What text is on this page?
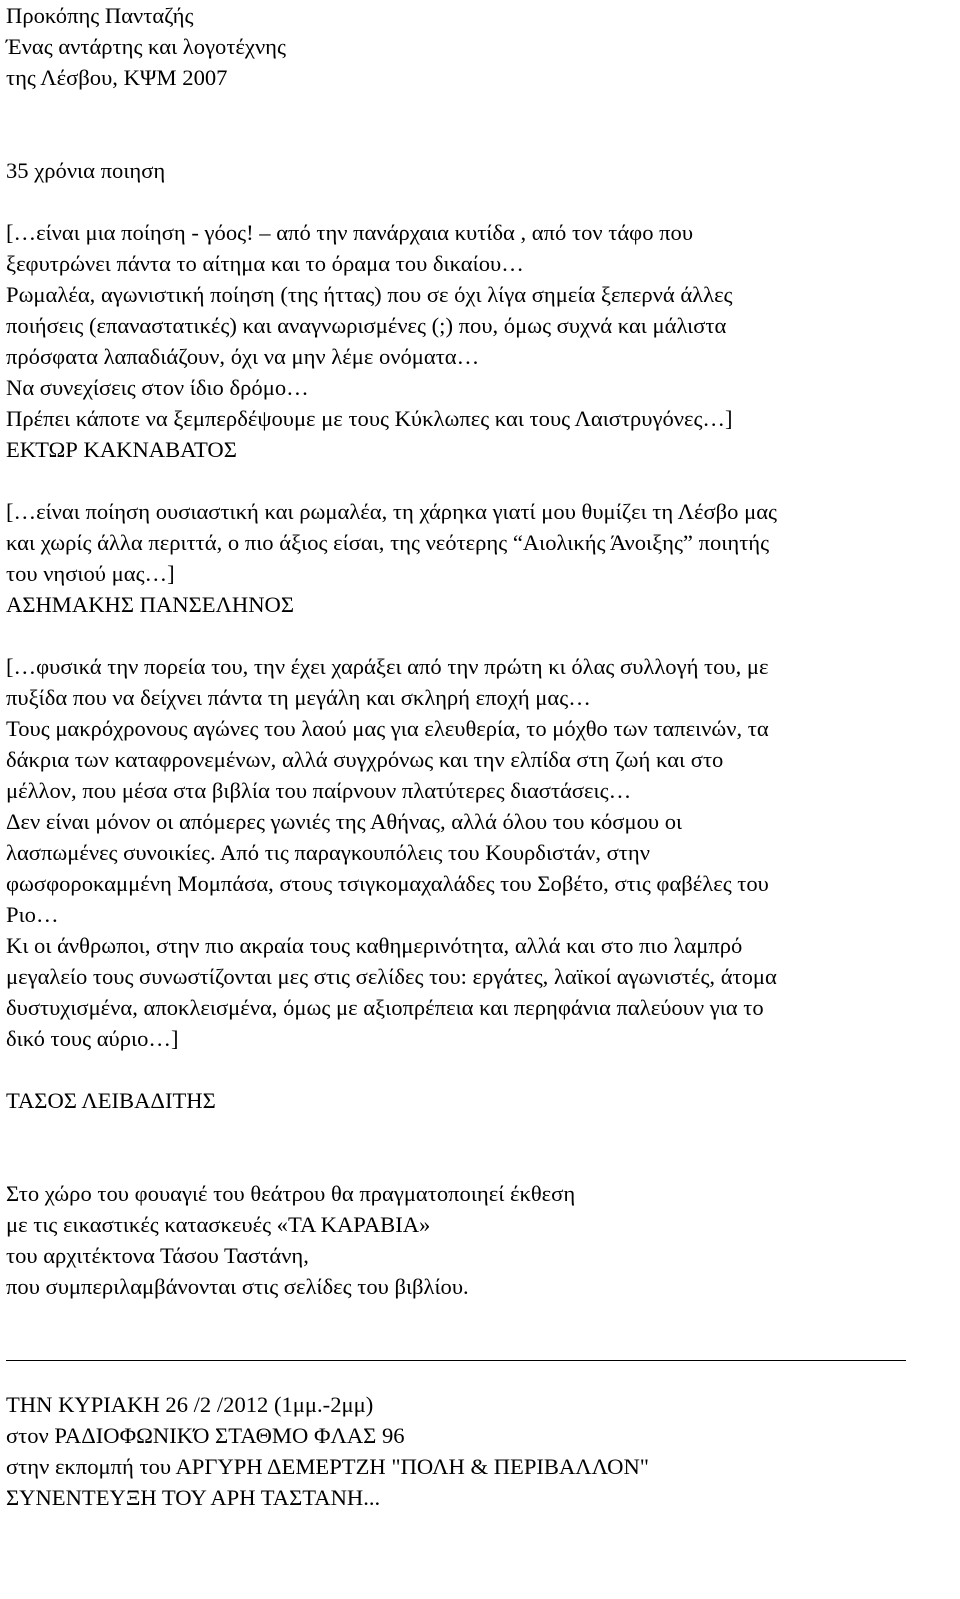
Προκόπης Πανταζής
Ένας αντάρτης και λογοτέχνης
της Λέσβου, ΚΨΜ 2007
35 χρόνια ποιηση
[…είναι μια ποίηση - γόος! – από την πανάρχαια κυτίδα , από τον τάφο που
ξεφυτρώνει πάντα το αίτημα και το όραμα του δικαίου…
Ρωμαλέα, αγωνιστική ποίηση (της ήττας) που σε όχι λίγα σημεία ξεπερνά άλλες
ποιήσεις (επαναστατικές) και αναγνωρισμένες (;) που, όμως συχνά και μάλιστα
πρόσφατα λαπαδιάζουν, όχι να μην λέμε ονόματα…
Να συνεχίσεις στον ίδιο δρόμο…
Πρέπει κάποτε να ξεμπερδέψουμε με τους Κύκλωπες και τους Λαιστρυγόνες…]
ΕΚΤΩΡ ΚΑΚΝΑΒΑΤΟΣ
[…είναι ποίηση ουσιαστική και ρωμαλέα, τη χάρηκα γιατί μου θυμίζει τη Λέσβο μας
και χωρίς άλλα περιττά, ο πιο άξιος είσαι, της νεότερης “Αιολικής Άνοιξης” ποιητής
του νησιού μας…]
ΑΣΗΜΑΚΗΣ ΠΑΝΣΕΛΗΝΟΣ
[…φυσικά την πορεία του, την έχει χαράξει από την πρώτη κι όλας συλλογή του, με
πυξίδα που να δείχνει πάντα τη μεγάλη και σκληρή εποχή μας…
Τους μακρόχρονους αγώνες του λαού μας για ελευθερία, το μόχθο των ταπεινών, τα
δάκρια των καταφρονεμένων, αλλά συγχρόνως και την ελπίδα στη ζωή και στο
μέλλον, που μέσα στα βιβλία του παίρνουν πλατύτερες διαστάσεις…
Δεν είναι μόνον οι απόμερες γωνιές της Αθήνας, αλλά όλου του κόσμου οι
λασπωμένες συνοικίες. Από τις παραγκουπόλεις του Κουρδιστάν, στην
φωσφοροκαμμένη Μομπάσα, στους τσιγκομαχαλάδες του Σοβέτο, στις φαβέλες του
Ριο…
Κι οι άνθρωποι, στην πιο ακραία τους καθημερινότητα, αλλά και στο πιο λαμπρό
μεγαλείο τους συνωστίζονται μες στις σελίδες του: εργάτες, λαϊκοί αγωνιστές, άτομα
δυστυχισμένα, αποκλεισμένα, όμως με αξιοπρέπεια και περηφάνια παλεύουν για το
δικό τους αύριο…]
ΤΑΣΟΣ ΛΕΙΒΑΔΙΤΗΣ
Στο χώρο του φουαγιέ του θεάτρου θα πραγματοποιηεί έκθεση
με τις εικαστικές κατασκευές «ΤΑ ΚΑΡΑΒΙΑ»
του αρχιτέκτονα Τάσου Ταστάνη,
που συμπεριλαμβάνονται στις σελίδες του βιβλίου.
ΤΗΝ ΚΥΡΙΑΚΗ 26 /2 /2012 (1μμ.-2μμ)
στον ΡΑΔΙΟΦΩΝΙΚΌ ΣΤΑΘΜΟ ΦΛΑΣ 96
στην εκπομπή του ΑΡΓΥΡΗ ΔΕΜΕΡΤΖΗ "ΠΟΛΗ & ΠΕΡΙΒΑΛΛΟΝ"
ΣΥΝΕΝΤΕΥΞΗ ΤΟΥ ΑΡΗ ΤΑΣΤΑΝΗ...
